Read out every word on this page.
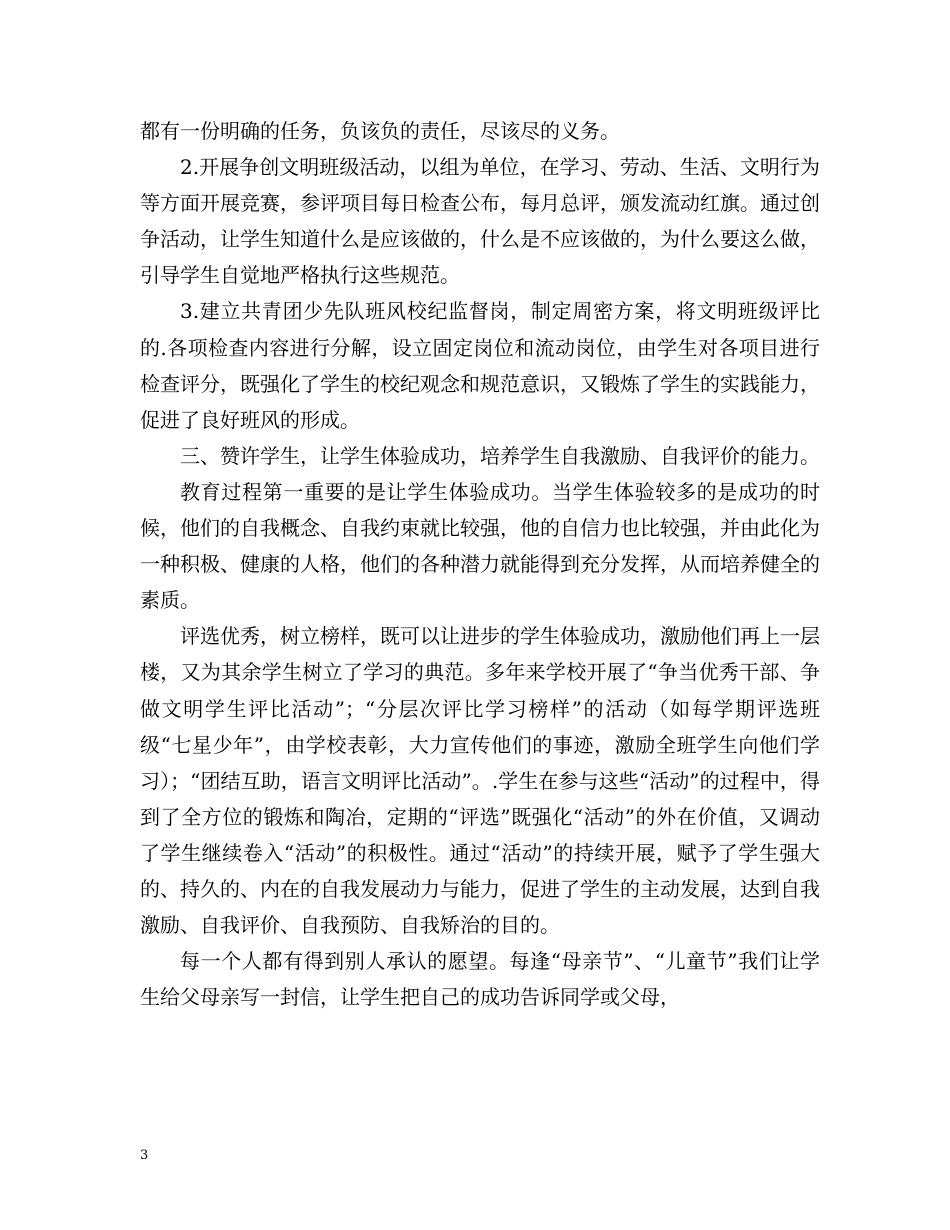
都有一份明确的任务，负该负的责任，尽该尽的义务。

2.开展争创文明班级活动，以组为单位，在学习、劳动、生活、文明行为等方面开展竞赛，参评项目每日检查公布，每月总评，颁发流动红旗。通过创争活动，让学生知道什么是应该做的，什么是不应该做的，为什么要这么做，引导学生自觉地严格执行这些规范。

3.建立共青团少先队班风校纪监督岗，制定周密方案，将文明班级评比的.各项检查内容进行分解，设立固定岗位和流动岗位，由学生对各项目进行检查评分，既强化了学生的校纪观念和规范意识，又锻炼了学生的实践能力，促进了良好班风的形成。

三、赞许学生，让学生体验成功，培养学生自我激励、自我评价的能力。

教育过程第一重要的是让学生体验成功。当学生体验较多的是成功的时候，他们的自我概念、自我约束就比较强，他的自信力也比较强，并由此化为一种积极、健康的人格，他们的各种潜力就能得到充分发挥，从而培养健全的素质。

评选优秀，树立榜样，既可以让进步的学生体验成功，激励他们再上一层楼，又为其余学生树立了学习的典范。多年来学校开展了“争当优秀干部、争做文明学生评比活动”；“分层次评比学习榜样”的活动（如每学期评选班级“七星少年”，由学校表彰，大力宣传他们的事迹，激励全班学生向他们学习）；“团结互助，语言文明评比活动”。.学生在参与这些“活动”的过程中，得到了全方位的锻炼和陶冶，定期的“评选”既强化“活动”的外在价值，又调动了学生继续卷入“活动”的积极性。通过“活动”的持续开展，赋予了学生强大的、持久的、内在的自我发展动力与能力，促进了学生的主动发展，达到自我激励、自我评价、自我预防、自我矫治的目的。

每一个人都有得到别人承认的愿望。每逢“母亲节”、“儿童节”我们让学生给父母亲写一封信，让学生把自己的成功告诉同学或父母，

3
